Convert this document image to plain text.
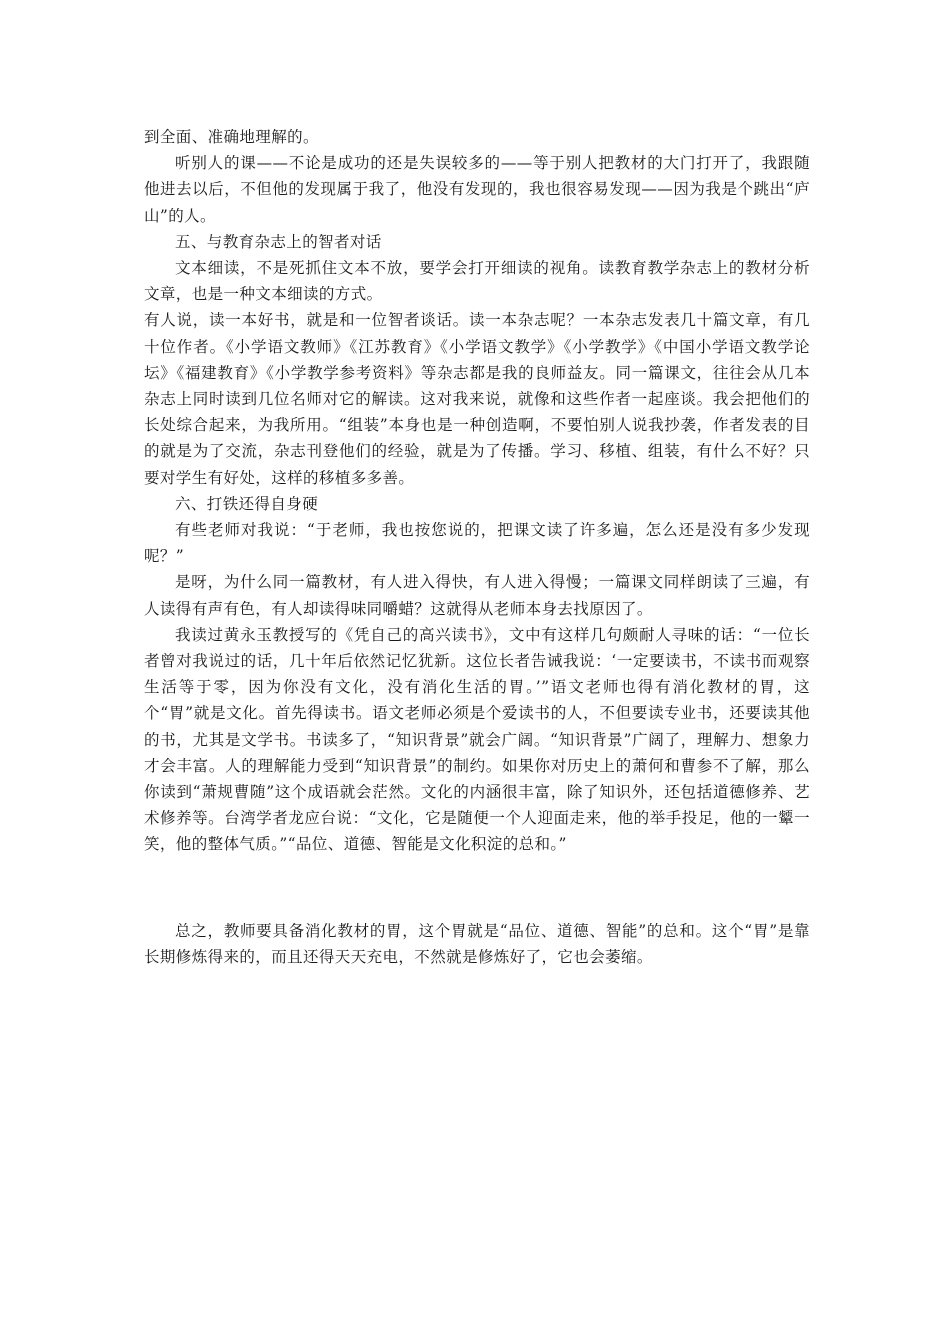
到全面、准确地理解的。

听别人的课——不论是成功的还是失误较多的——等于别人把教材的大门打开了，我跟随他进去以后，不但他的发现属于我了，他没有发现的，我也很容易发现——因为我是个跳出“庐山”的人。

五、与教育杂志上的智者对话

文本细读，不是死抓住文本不放，要学会打开细读的视角。读教育教学杂志上的教材分析文章，也是一种文本细读的方式。

有人说，读一本好书，就是和一位智者谈话。读一本杂志呢？一本杂志发表几十篇文章，有几十位作者。《小学语文教师》《江苏教育》《小学语文教学》《小学教学》《中国小学语文教学论坛》《福建教育》《小学教学参考资料》等杂志都是我的良师益友。同一篇课文，往往会从几本杂志上同时读到几位名师对它的解读。这对我来说，就像和这些作者一起座谈。我会把他们的长处综合起来，为我所用。“组装”本身也是一种创造啊，不要怕别人说我抄袭，作者发表的目的就是为了交流，杂志刊登他们的经验，就是为了传播。学习、移植、组装，有什么不好？只要对学生有好处，这样的移植多多善。

六、打铁还得自身硬

有些老师对我说：“于老师，我也按您说的，把课文读了许多遍，怎么还是没有多少发现呢？”

是呀，为什么同一篇教材，有人进入得快，有人进入得慢；一篇课文同样朗读了三遍，有人读得有声有色，有人却读得味同嚼蜡？这就得从老师本身去找原因了。

我读过黄永玉教授写的《凭自己的高兴读书》，文中有这样几句颇耐人寻味的话：“一位长者曾对我说过的话，几十年后依然记忆犹新。这位长者告诫我说：‘一定要读书，不读书而观察生活等于零，因为你没有文化，没有消化生活的胃。’”语文老师也得有消化教材的胃，这个“胃”就是文化。首先得读书。语文老师必须是个爱读书的人，不但要读专业书，还要读其他的书，尤其是文学书。书读多了，“知识背景”就会广阔。“知识背景”广阔了，理解力、想象力才会丰富。人的理解能力受到“知识背景”的制约。如果你对历史上的萧何和曹参不了解，那么你读到“萧规曹随”这个成语就会茫然。文化的内涵很丰富，除了知识外，还包括道德修养、艺术修养等。台湾学者龙应台说：“文化，它是随便一个人迎面走来，他的举手投足，他的一颦一笑，他的整体气质。”“品位、道德、智能是文化积淀的总和。”

总之，教师要具备消化教材的胃，这个胃就是“品位、道德、智能”的总和。这个“胃”是靠长期修炼得来的，而且还得天天充电，不然就是修炼好了，它也会萎缩。
